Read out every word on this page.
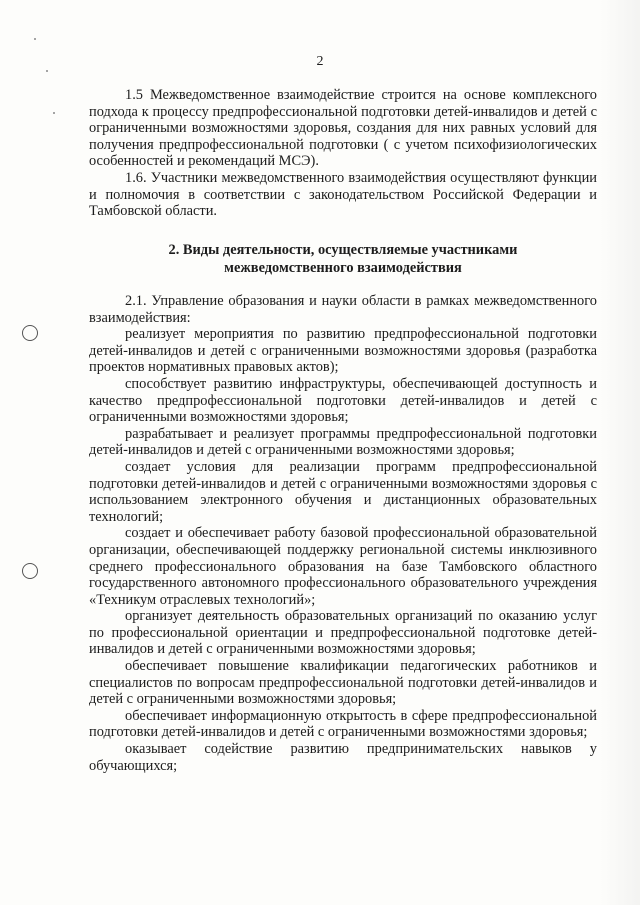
2

1.5 Межведомственное взаимодействие строится на основе комплексного подхода к процессу предпрофессиональной подготовки детей-инвалидов и детей с ограниченными возможностями здоровья, создания для них равных условий для получения предпрофессиональной подготовки ( с учетом психофизиологических особенностей и рекомендаций МСЭ).

1.6. Участники межведомственного взаимодействия осуществляют функции и полномочия в соответствии с законодательством Российской Федерации и Тамбовской области.

2. Виды деятельности, осуществляемые участниками
межведомственного взаимодействия

2.1. Управление образования и науки области в рамках межведомственного взаимодействия:

реализует мероприятия по развитию предпрофессиональной подготовки детей-инвалидов и детей с ограниченными возможностями здоровья (разработка проектов нормативных правовых актов);

способствует развитию инфраструктуры, обеспечивающей доступность и качество предпрофессиональной подготовки детей-инвалидов и детей с ограниченными возможностями здоровья;

разрабатывает и реализует программы предпрофессиональной подготовки детей-инвалидов и детей с ограниченными возможностями здоровья;

создает условия для реализации программ предпрофессиональной подготовки детей-инвалидов и детей с ограниченными возможностями здоровья с использованием электронного обучения и дистанционных образовательных технологий;

создает и обеспечивает работу базовой профессиональной образовательной организации, обеспечивающей поддержку региональной системы инклюзивного среднего профессионального образования на базе Тамбовского областного государственного автономного профессионального образовательного учреждения «Техникум отраслевых технологий»;

организует деятельность образовательных организаций по оказанию услуг по профессиональной ориентации и предпрофессиональной подготовке детей-инвалидов и детей с ограниченными возможностями здоровья;

обеспечивает повышение квалификации педагогических работников и специалистов по вопросам предпрофессиональной подготовки детей-инвалидов и детей с ограниченными возможностями здоровья;

обеспечивает информационную открытость в сфере предпрофессиональной подготовки детей-инвалидов и детей с ограниченными возможностями здоровья;

оказывает содействие развитию предпринимательских навыков у обучающихся;
